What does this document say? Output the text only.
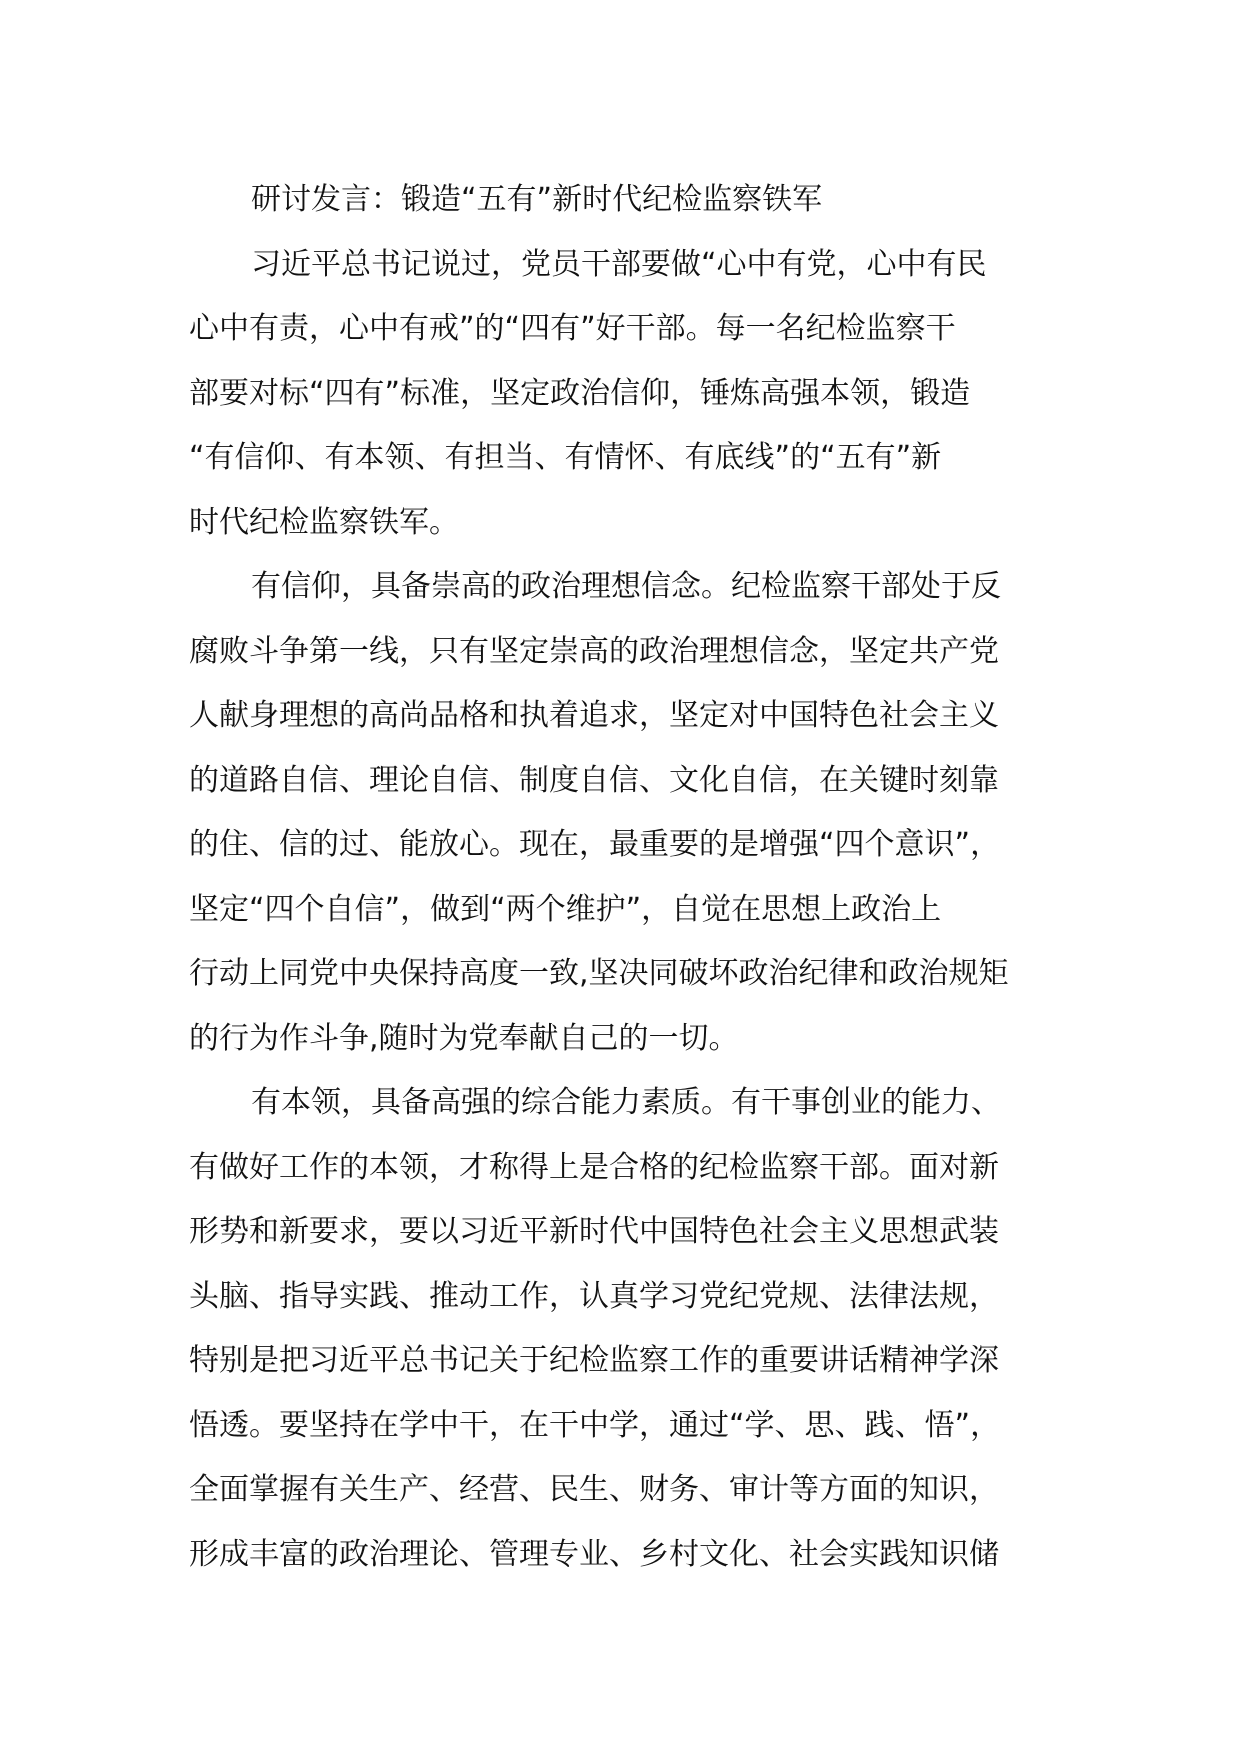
研讨发言：锻造“五有”新时代纪检监察铁军
习近平总书记说过，党员干部要做“心中有党，心中有民
心中有责，心中有戒”的“四有”好干部。每一名纪检监察干
部要对标“四有”标准，坚定政治信仰，锤炼高强本领，锻造
“有信仰、有本领、有担当、有情怀、有底线”的“五有”新
时代纪检监察铁军。
有信仰，具备崇高的政治理想信念。纪检监察干部处于反
腐败斗争第一线，只有坚定崇高的政治理想信念，坚定共产党
人献身理想的高尚品格和执着追求，坚定对中国特色社会主义
的道路自信、理论自信、制度自信、文化自信，在关键时刻靠
的住、信的过、能放心。现在，最重要的是增强“四个意识”，
坚定“四个自信”，做到“两个维护”，自觉在思想上政治上
行动上同党中央保持高度一致,坚决同破坏政治纪律和政治规矩
的行为作斗争,随时为党奉献自己的一切。
有本领，具备高强的综合能力素质。有干事创业的能力、
有做好工作的本领，才称得上是合格的纪检监察干部。面对新
形势和新要求，要以习近平新时代中国特色社会主义思想武装
头脑、指导实践、推动工作，认真学习党纪党规、法律法规，
特别是把习近平总书记关于纪检监察工作的重要讲话精神学深
悟透。要坚持在学中干，在干中学，通过“学、思、践、悟”，
全面掌握有关生产、经营、民生、财务、审计等方面的知识，
形成丰富的政治理论、管理专业、乡村文化、社会实践知识储
